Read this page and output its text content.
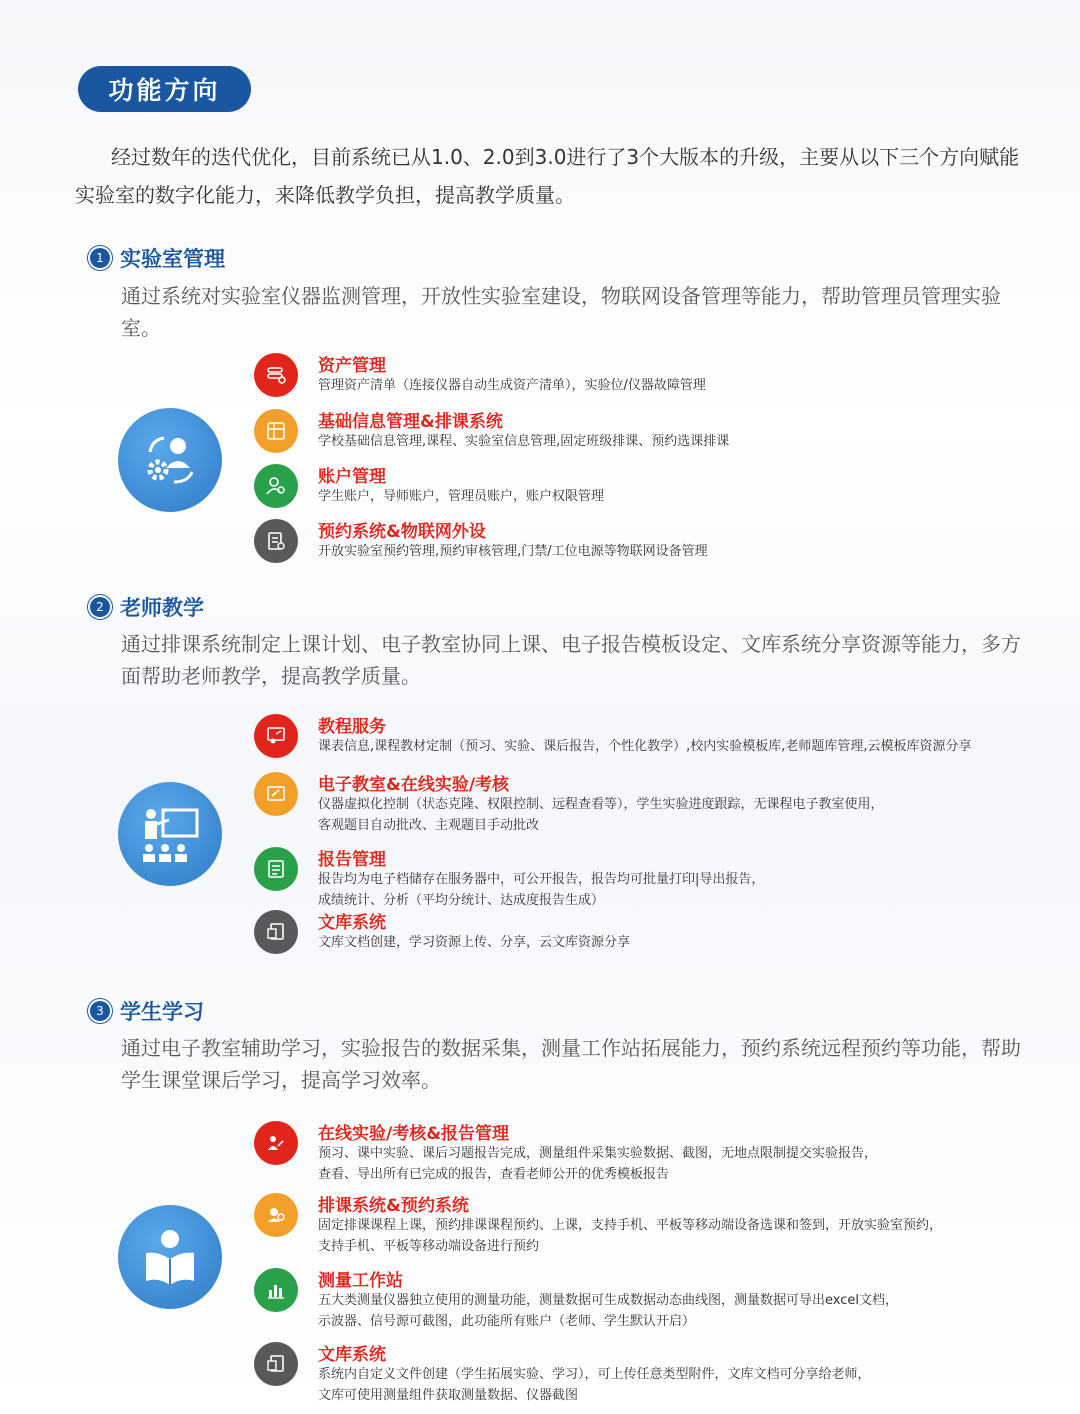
功能方向
经过数年的迭代优化，目前系统已从1.0、2.0到3.0进行了3个大版本的升级，主要从以下三个方向赋能实验室的数字化能力，来降低教学负担，提高教学质量。
1 实验室管理
通过系统对实验室仪器监测管理，开放性实验室建设，物联网设备管理等能力，帮助管理员管理实验室。
资产管理
管理资产清单（连接仪器自动生成资产清单），实验位/仪器故障管理
基础信息管理&排课系统
学校基础信息管理,课程、实验室信息管理,固定班级排课、预约选课排课
账户管理
学生账户，导师账户，管理员账户，账户权限管理
预约系统&物联网外设
开放实验室预约管理,预约审核管理,门禁/工位电源等物联网设备管理
2 老师教学
通过排课系统制定上课计划、电子教室协同上课、电子报告模板设定、文库系统分享资源等能力，多方面帮助老师教学，提高教学质量。
教程服务
课表信息,课程教材定制（预习、实验、课后报告，个性化教学）,校内实验模板库,老师题库管理,云模板库资源分享
电子教室&在线实验/考核
仪器虚拟化控制（状态克隆、权限控制、远程查看等），学生实验进度跟踪，无课程电子教室使用，
客观题目自动批改、主观题目手动批改
报告管理
报告均为电子档储存在服务器中，可公开报告，报告均可批量打印|导出报告，
成绩统计、分析（平均分统计、达成度报告生成）
文库系统
文库文档创建，学习资源上传、分享，云文库资源分享
3 学生学习
通过电子教室辅助学习，实验报告的数据采集，测量工作站拓展能力，预约系统远程预约等功能，帮助学生课堂课后学习，提高学习效率。
在线实验/考核&报告管理
预习、课中实验、课后习题报告完成，测量组件采集实验数据、截图，无地点限制提交实验报告，
查看、导出所有已完成的报告，查看老师公开的优秀模板报告
排课系统&预约系统
固定排课课程上课，预约排课课程预约、上课，支持手机、平板等移动端设备选课和签到，开放实验室预约，
支持手机、平板等移动端设备进行预约
测量工作站
五大类测量仪器独立使用的测量功能，测量数据可生成数据动态曲线图，测量数据可导出excel文档，
示波器、信号源可截图，此功能所有账户（老师、学生默认开启）
文库系统
系统内自定义文件创建（学生拓展实验、学习），可上传任意类型附件，文库文档可分享给老师，
文库可使用测量组件获取测量数据、仪器截图
